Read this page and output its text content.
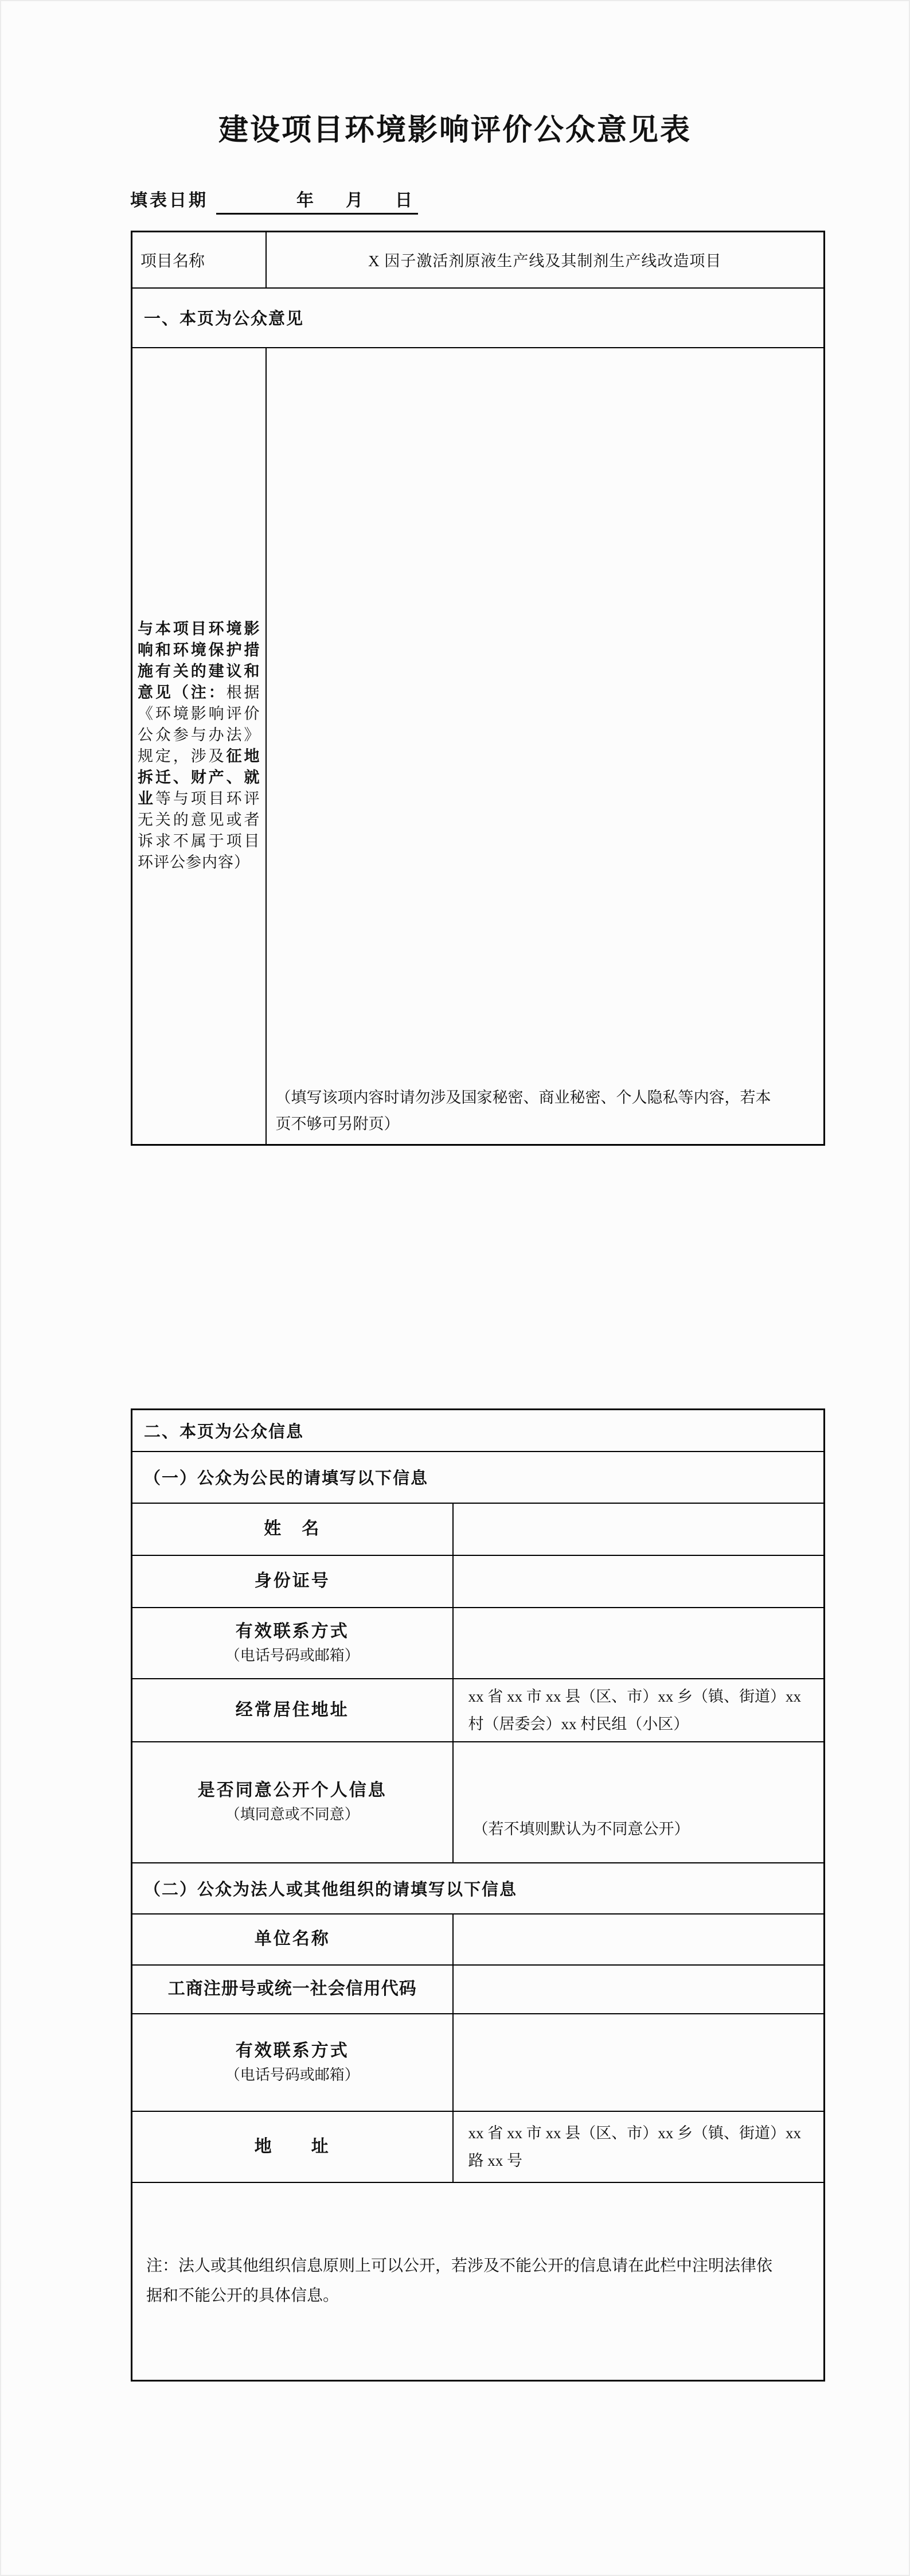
建设项目环境影响评价公众意见表
填表日期	年 月 日
项目名称	X 因子激活剂原液生产线及其制剂生产线改造项目

一、本页为公众意见	

与本项目环境影响和环境保护措施有关的建议和意见（注：根据《环境影响评价公众参与办法》规定，涉及征地拆迁、财产、就业等与项目环评无关的意见或者诉求不属于项目环评公参内容）	（填写该项内容时请勿涉及国家秘密、商业秘密、个人隐私等内容，若本页不够可另附页）
二、本页为公众信息	

（一）公众为公民的请填写以下信息	

姓　名	

身份证号	

有效联系方式
（电话号码或邮箱）	

经常居住地址	xx 省 xx 市 xx 县（区、市）xx 乡（镇、街道）xx 村（居委会）xx 村民组（小区）

是否同意公开个人信息
（填同意或不同意）	（若不填则默认为不同意公开）

（二）公众为法人或其他组织的请填写以下信息	

单位名称	

工商注册号或统一社会信用代码	

有效联系方式
（电话号码或邮箱）	

地　　址	xx 省 xx 市 xx 县（区、市）xx 乡（镇、街道）xx 路 xx 号

注：法人或其他组织信息原则上可以公开，若涉及不能公开的信息请在此栏中注明法律依据和不能公开的具体信息。	
